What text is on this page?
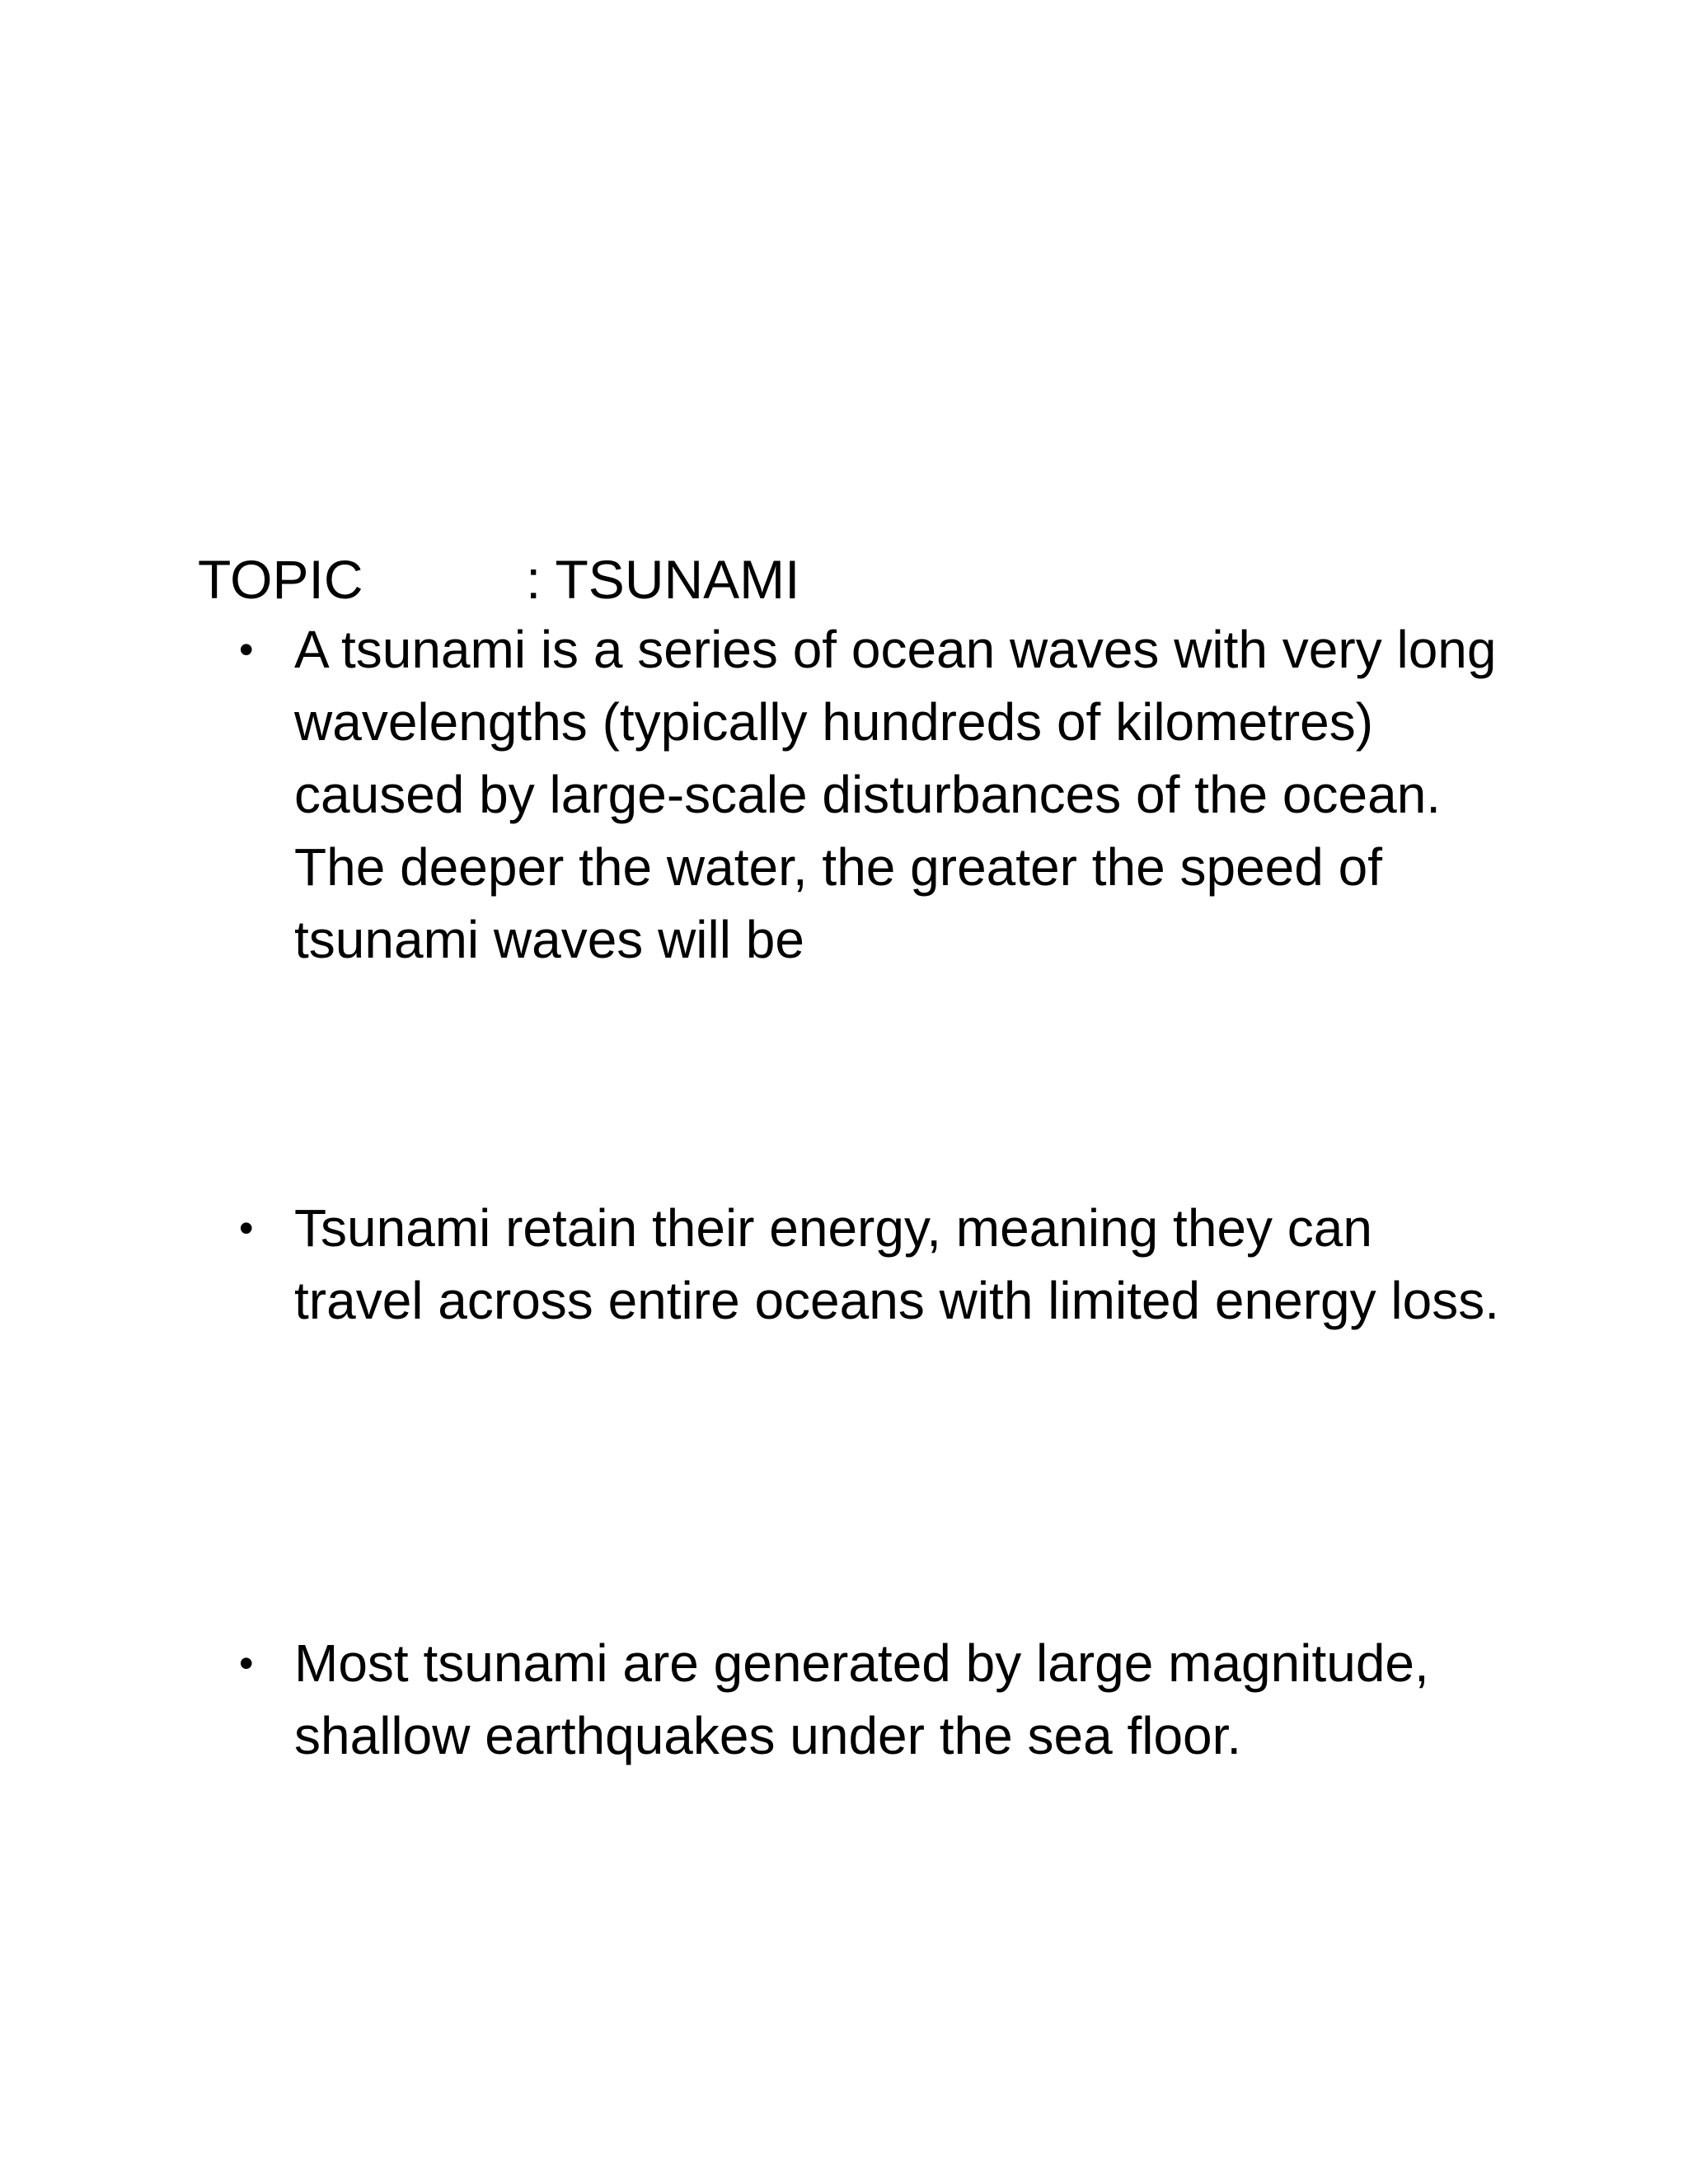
TOPIC	: TSUNAMI
• A tsunami is a series of ocean waves with very long wavelengths (typically hundreds of kilometres) caused by large-scale disturbances of the ocean. The deeper the water, the greater the speed of tsunami waves will be
• Tsunami retain their energy, meaning they can travel across entire oceans with limited energy loss.
• Most tsunami are generated by large magnitude, shallow earthquakes under the sea floor.
